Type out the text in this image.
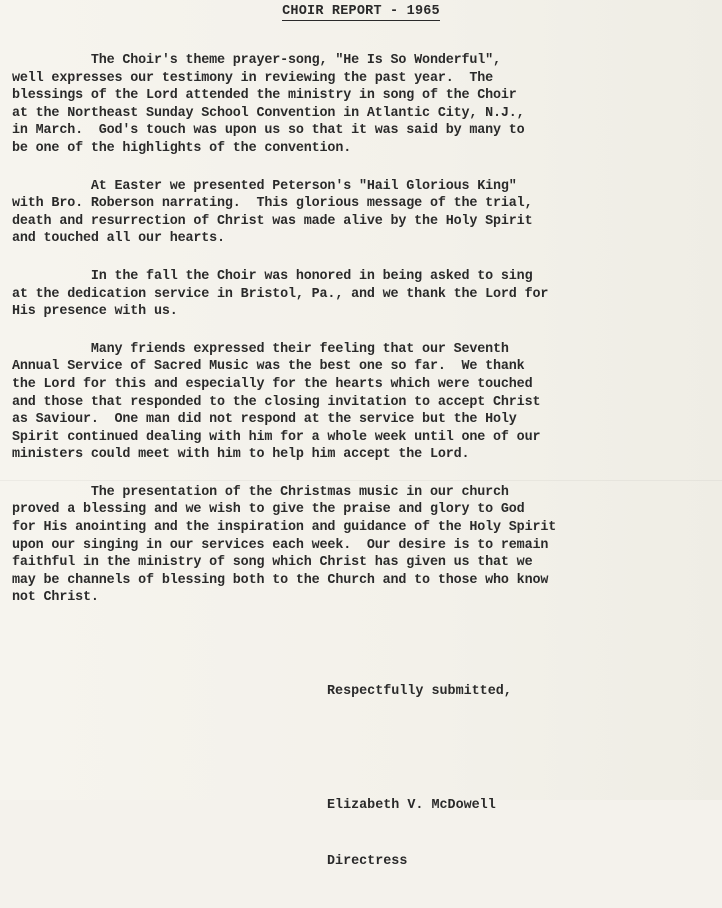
CHOIR REPORT - 1965
The Choir's theme prayer-song, "He Is So Wonderful",
well expresses our testimony in reviewing the past year.  The
blessings of the Lord attended the ministry in song of the Choir
at the Northeast Sunday School Convention in Atlantic City, N.J.,
in March.  God's touch was upon us so that it was said by many to
be one of the highlights of the convention.
At Easter we presented Peterson's "Hail Glorious King"
with Bro. Roberson narrating.  This glorious message of the trial,
death and resurrection of Christ was made alive by the Holy Spirit
and touched all our hearts.
In the fall the Choir was honored in being asked to sing
at the dedication service in Bristol, Pa., and we thank the Lord for
His presence with us.
Many friends expressed their feeling that our Seventh
Annual Service of Sacred Music was the best one so far.  We thank
the Lord for this and especially for the hearts which were touched
and those that responded to the closing invitation to accept Christ
as Saviour.  One man did not respond at the service but the Holy
Spirit continued dealing with him for a whole week until one of our
ministers could meet with him to help him accept the Lord.
The presentation of the Christmas music in our church
proved a blessing and we wish to give the praise and glory to God
for His anointing and the inspiration and guidance of the Holy Spirit
upon our singing in our services each week.  Our desire is to remain
faithful in the ministry of song which Christ has given us that we
may be channels of blessing both to the Church and to those who know
not Christ.
Respectfully submitted,

Elizabeth V. McDowell

Directress
